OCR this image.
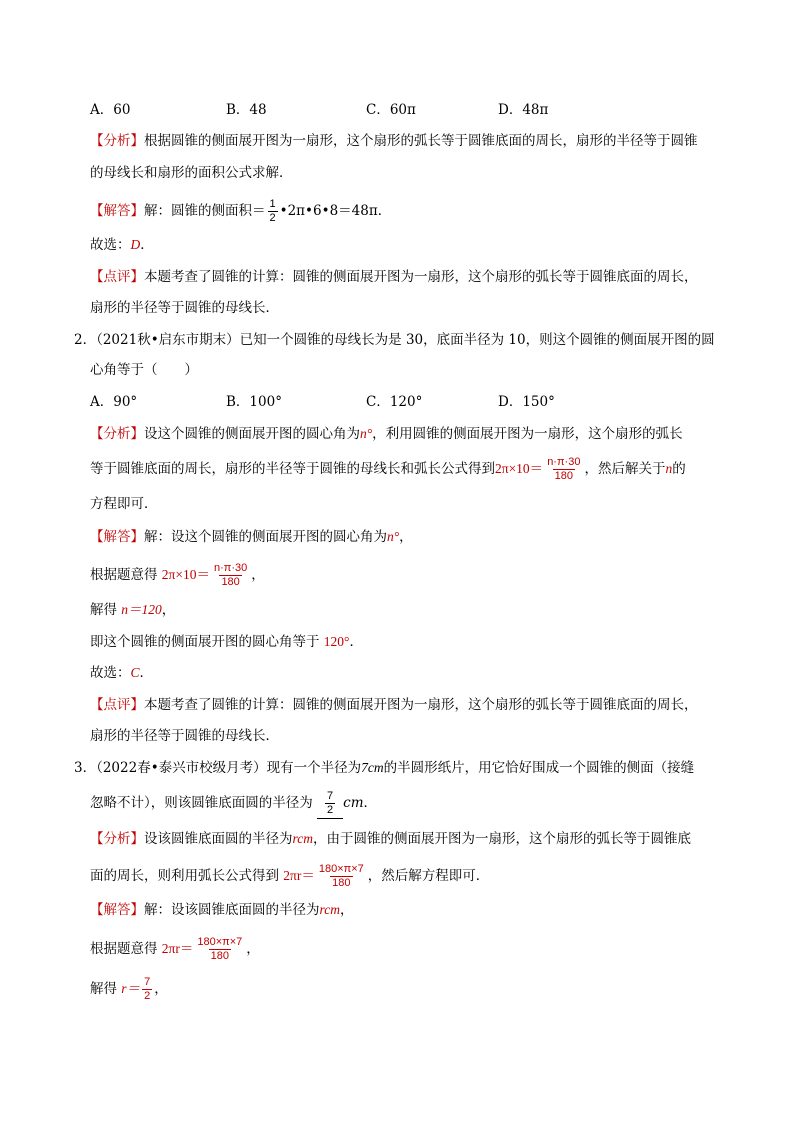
A．60	B．48	C．60π	D．48π
【分析】根据圆锥的侧面展开图为一扇形，这个扇形的弧长等于圆锥底面的周长，扇形的半径等于圆锥
的母线长和扇形的面积公式求解．
【解答】解：圆锥的侧面积＝ $\frac{1}{2}$ •2π•6•8＝48π．
故选：D．
【点评】本题考查了圆锥的计算：圆锥的侧面展开图为一扇形，这个扇形的弧长等于圆锥底面的周长，
扇形的半径等于圆锥的母线长．
2．（2021秋•启东市期末）已知一个圆锥的母线长为是 30，底面半径为 10，则这个圆锥的侧面展开图的圆
心角等于（　　）
A．90°	B．100°	C．120°	D．150°
【分析】设这个圆锥的侧面展开图的圆心角为n°，利用圆锥的侧面展开图为一扇形，这个扇形的弧长
等于圆锥底面的周长，扇形的半径等于圆锥的母线长和弧长公式得到$2\pi\times 10= \frac{n\cdot\pi\cdot 30}{180}$ ，然后解关于n的
方程即可．
【解答】解：设这个圆锥的侧面展开图的圆心角为n°，
根据题意得 $2\pi\times 10= \frac{n\cdot\pi\cdot 30}{180}$ ，
解得 n＝120，
即这个圆锥的侧面展开图的圆心角等于 120°．
故选：C．
【点评】本题考查了圆锥的计算：圆锥的侧面展开图为一扇形，这个扇形的弧长等于圆锥底面的周长，
扇形的半径等于圆锥的母线长．
3．（2022春•泰兴市校级月考）现有一个半径为7cm的半圆形纸片，用它恰好围成一个圆锥的侧面（接缝
忽略不计），则该圆锥底面圆的半径为 $\frac{7}{2}$ cm．
【分析】设该圆锥底面圆的半径为rcm，由于圆锥的侧面展开图为一扇形，这个扇形的弧长等于圆锥底
面的周长，则利用弧长公式得到 $2\pi r= \frac{180\times\pi\times 7}{180}$ ，然后解方程即可．
【解答】解：设该圆锥底面圆的半径为rcm，
根据题意得 $2\pi r= \frac{180\times\pi\times 7}{180}$ ，
解得 $r= \frac{7}{2}$ ，
